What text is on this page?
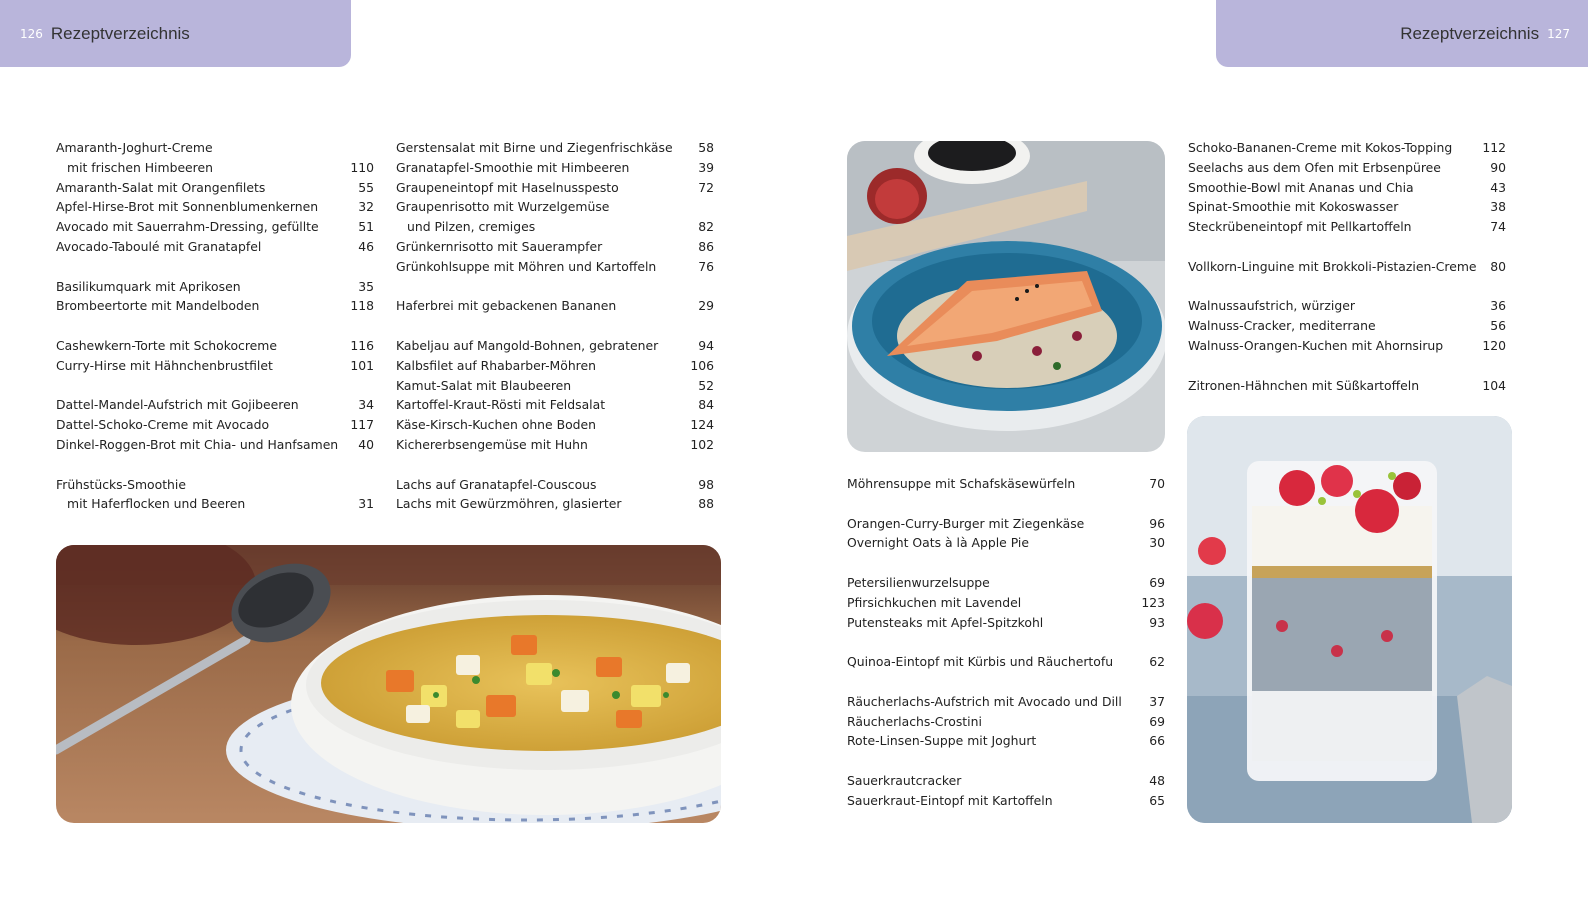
126 Rezeptverzeichnis	Rezeptverzeichnis 127
Amaranth-Joghurt-Creme
mit frischen Himbeeren	110
Amaranth-Salat mit Orangenfilets	55
Apfel-Hirse-Brot mit Sonnenblumenkernen	32
Avocado mit Sauerrahm-Dressing, gefüllte	51
Avocado-Taboulé mit Granatapfel	46
Basilikumquark mit Aprikosen	35
Brombeertorte mit Mandelboden	118
Cashewkern-Torte mit Schokocreme	116
Curry-Hirse mit Hähnchenbrustfilet	101
Dattel-Mandel-Aufstrich mit Gojibeeren	34
Dattel-Schoko-Creme mit Avocado	117
Dinkel-Roggen-Brot mit Chia- und Hanfsamen 40
Frühstücks-Smoothie
mit Haferflocken und Beeren	31
Gerstensalat mit Birne und Ziegenfrischkäse 58
Granatapfel-Smoothie mit Himbeeren	39
Graupeneintopf mit Haselnusspesto	72
Graupenrisotto mit Wurzelgemüse
und Pilzen, cremiges	82
Grünkernrisotto mit Sauerampfer	86
Grünkohlsuppe mit Möhren und Kartoffeln	76
Haferbrei mit gebackenen Bananen	29
Kabeljau auf Mangold-Bohnen, gebratener	94
Kalbsfilet auf Rhabarber-Möhren	106
Kamut-Salat mit Blaubeeren	52
Kartoffel-Kraut-Rösti mit Feldsalat	84
Käse-Kirsch-Kuchen ohne Boden	124
Kichererbsengemüse mit Huhn	102
Lachs auf Granatapfel-Couscous	98
Lachs mit Gewürzmöhren, glasierter	88
Möhrensuppe mit Schafskäsewürfeln	70
Orangen-Curry-Burger mit Ziegenkäse	96
Overnight Oats à là Apple Pie	30
Petersilienwurzelsuppe	69
Pfirsichkuchen mit Lavendel	123
Putensteaks mit Apfel-Spitzkohl	93
Quinoa-Eintopf mit Kürbis und Räuchertofu	62
Räucherlachs-Aufstrich mit Avocado und Dill 37
Räucherlachs-Crostini	69
Rote-Linsen-Suppe mit Joghurt	66
Sauerkrautcracker	48
Sauerkraut-Eintopf mit Kartoffeln	65
Schoko-Bananen-Creme mit Kokos-Topping 112
Seelachs aus dem Ofen mit Erbsenpüree	90
Smoothie-Bowl mit Ananas und Chia	43
Spinat-Smoothie mit Kokoswasser	38
Steckrübeneintopf mit Pellkartoffeln	74
Vollkorn-Linguine mit Brokkoli-Pistazien-Creme 80
Walnussaufstrich, würziger	36
Walnuss-Cracker, mediterrane	56
Walnuss-Orangen-Kuchen mit Ahornsirup	120
Zitronen-Hähnchen mit Süßkartoffeln	104
